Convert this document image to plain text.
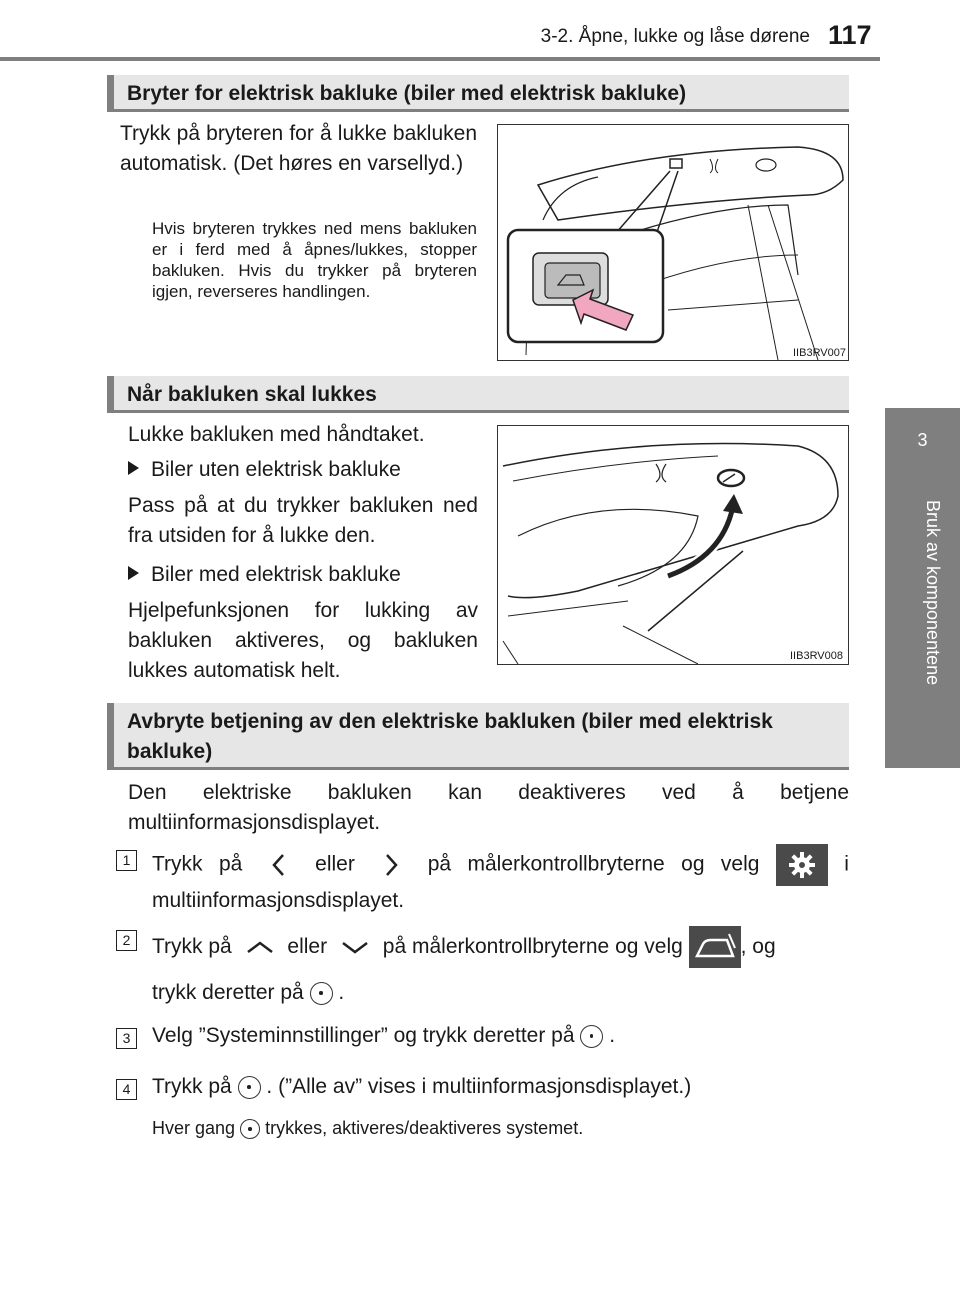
3-2. Åpne, lukke og låse dørene 117
3
Bruk av komponentene
Bryter for elektrisk bakluke (biler med elektrisk bakluke)
Trykk på bryteren for å lukke bakluken automatisk. (Det høres en varsellyd.)
Hvis bryteren trykkes ned mens bakluken er i ferd med å åpnes/lukkes, stopper bakluken. Hvis du trykker på bryteren igjen, reverseres handlingen.
IIB3RV007
Når bakluken skal lukkes
Lukke bakluken med håndtaket.
Biler uten elektrisk bakluke
Pass på at du trykker bakluken ned fra utsiden for å lukke den.
Biler med elektrisk bakluke
Hjelpefunksjonen for lukking av bakluken aktiveres, og bakluken lukkes automatisk helt.
IIB3RV008
Avbryte betjening av den elektriske bakluken (biler med elektrisk bakluke)
Den elektriske bakluken kan deaktiveres ved å betjene multiinformasjonsdisplayet.
1	Trykk på	eller	på målerkontrollbryterne og velg	i multiinformasjonsdisplayet.
2	Trykk på	eller	på målerkontrollbryterne og velg	, og
trykk deretter på .
3	Velg ”Systeminnstillinger” og trykk deretter på .
4	Trykk på . (”Alle av” vises i multiinformasjonsdisplayet.)
Hver gang trykkes, aktiveres/deaktiveres systemet.
